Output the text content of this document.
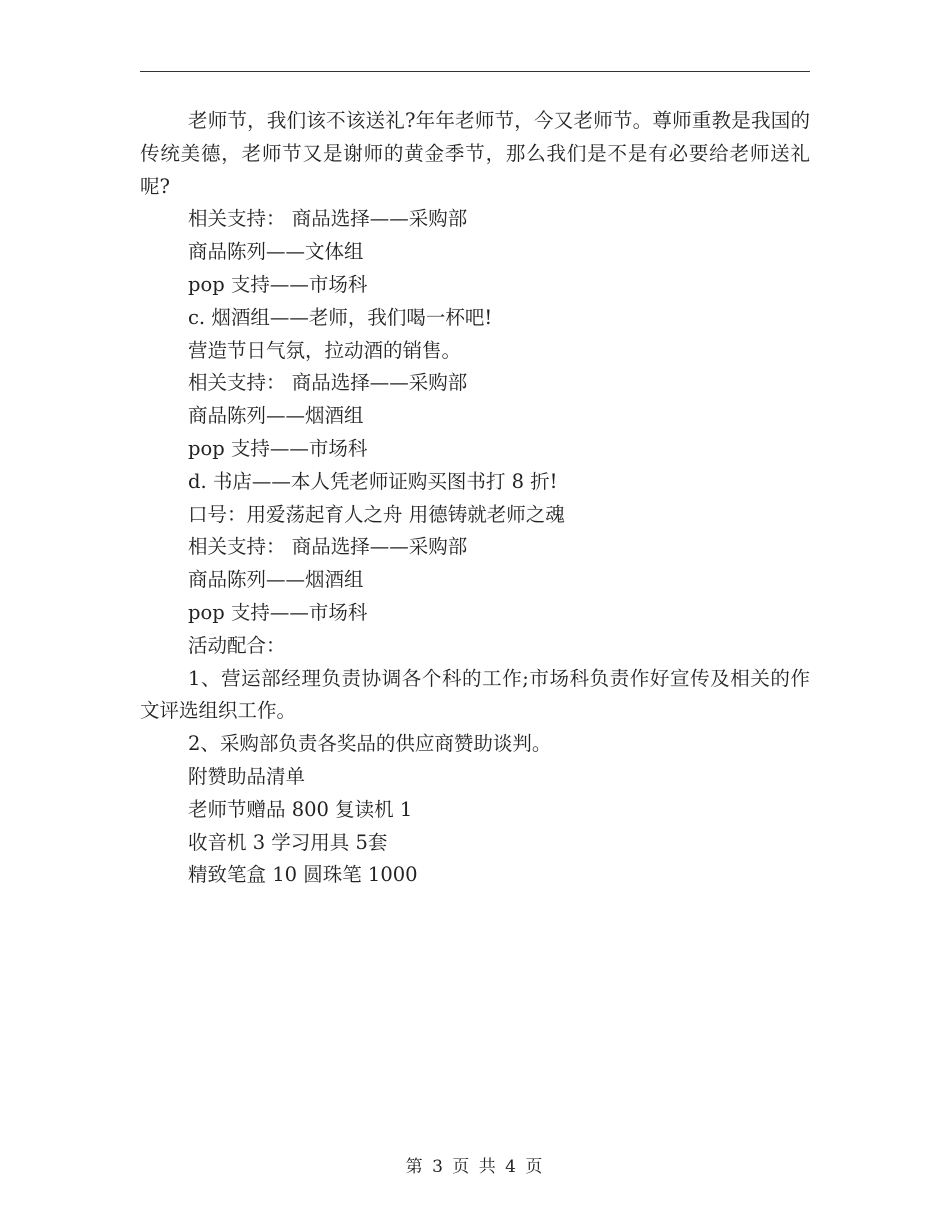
老师节，我们该不该送礼?年年老师节，今又老师节。尊师重教是我国的传统美德，老师节又是谢师的黄金季节，那么我们是不是有必要给老师送礼呢?

相关支持： 商品选择——采购部

商品陈列——文体组

pop 支持——市场科

c. 烟酒组——老师，我们喝一杯吧!

营造节日气氛，拉动酒的销售。

相关支持： 商品选择——采购部

商品陈列——烟酒组

pop 支持——市场科

d. 书店——本人凭老师证购买图书打 8 折!

口号：用爱荡起育人之舟 用德铸就老师之魂

相关支持： 商品选择——采购部

商品陈列——烟酒组

pop 支持——市场科

活动配合：

1、营运部经理负责协调各个科的工作;市场科负责作好宣传及相关的作文评选组织工作。

2、采购部负责各奖品的供应商赞助谈判。

附赞助品清单

老师节赠品 800 复读机 1

收音机 3 学习用具 5套

精致笔盒 10 圆珠笔 1000

第 3 页 共 4 页
